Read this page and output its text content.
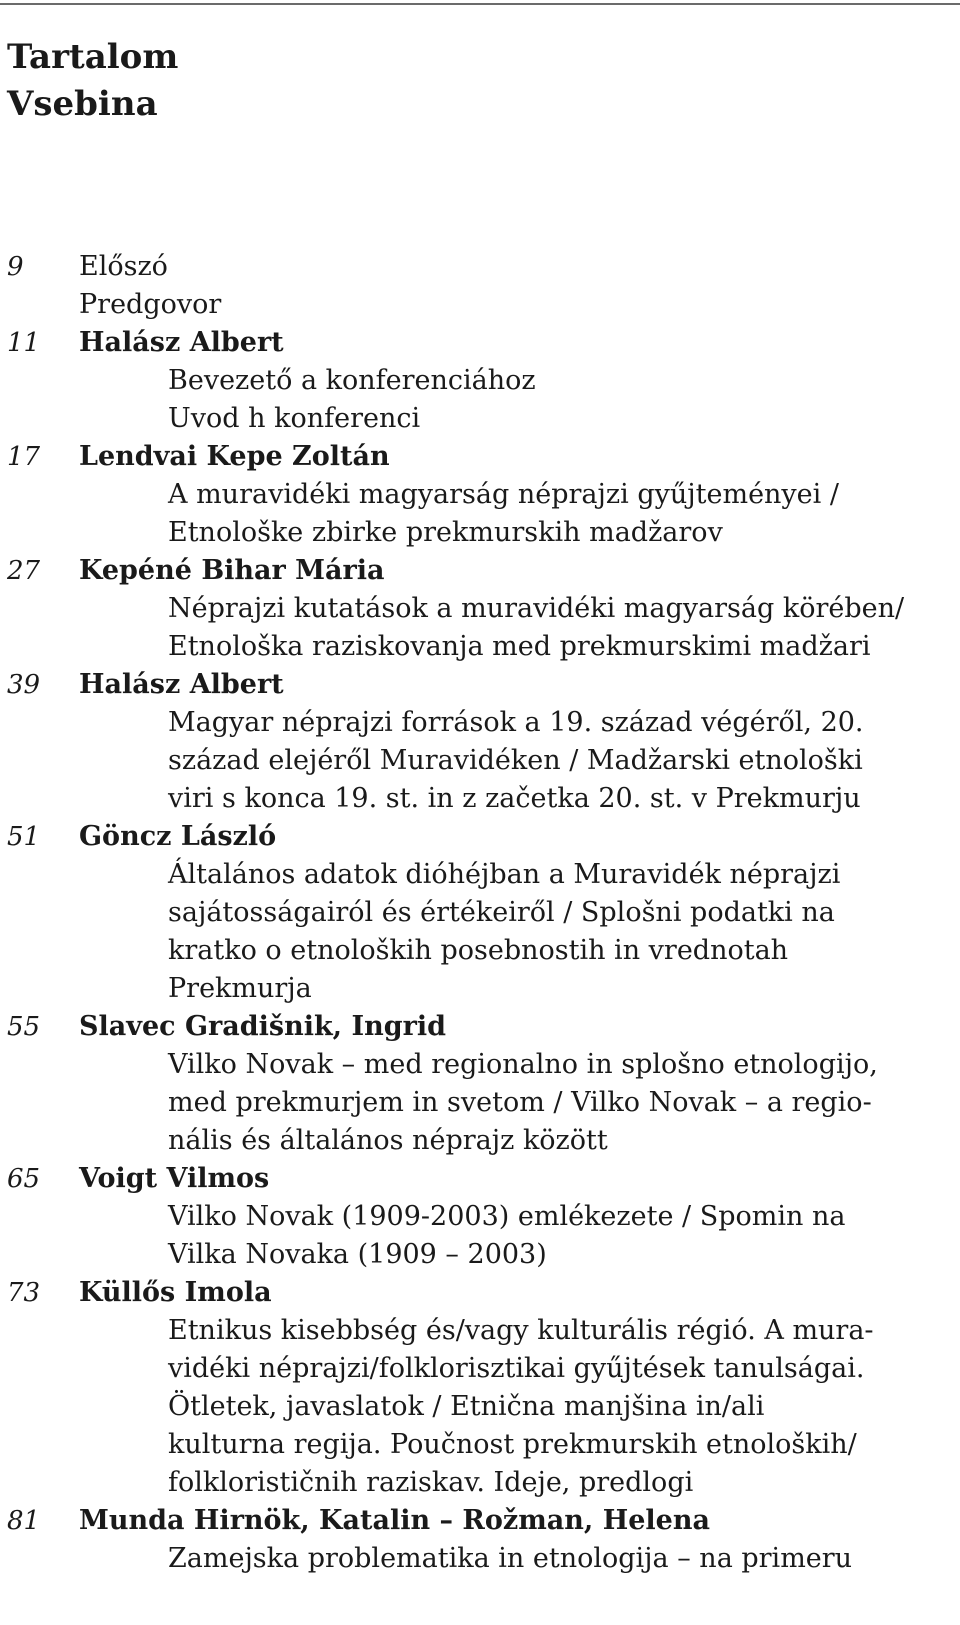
Tartalom
Vsebina
9	Előszó

Predgovor

11	Halász Albert

Bevezető a konferenciához

Uvod h konferenci

17	Lendvai Kepe Zoltán

A muravidéki magyarság néprajzi gyűjteményei /

Etnološke zbirke prekmurskih madžarov

27	Kepéné Bihar Mária

Néprajzi kutatások a muravidéki magyarság körében/

Etnološka raziskovanja med prekmurskimi madžari

39	Halász Albert

Magyar néprajzi források a 19. század végéről, 20.

század elejéről Muravidéken / Madžarski etnološki

viri s konca 19. st. in z začetka 20. st. v Prekmurju

51	Göncz László

Általános adatok dióhéjban a Muravidék néprajzi

sajátosságairól és értékeiről / Splošni podatki na

kratko o etnoloških posebnostih in vrednotah

Prekmurja

55	Slavec Gradišnik, Ingrid

Vilko Novak – med regionalno in splošno etnologijo,

med prekmurjem in svetom / Vilko Novak – a regio-

nális és általános néprajz között

65	Voigt Vilmos

Vilko Novak (1909-2003) emlékezete / Spomin na

Vilka Novaka (1909 – 2003)

73	Küllős Imola

Etnikus kisebbség és/vagy kulturális régió. A mura-

vidéki néprajzi/folklorisztikai gyűjtések tanulságai.

Ötletek, javaslatok / Etnična manjšina in/ali

kulturna regija. Poučnost prekmurskih etnoloških/

folklorističnih raziskav. Ideje, predlogi

81	Munda Hirnök, Katalin – Rožman, Helena

Zamejska problematika in etnologija – na primeru
